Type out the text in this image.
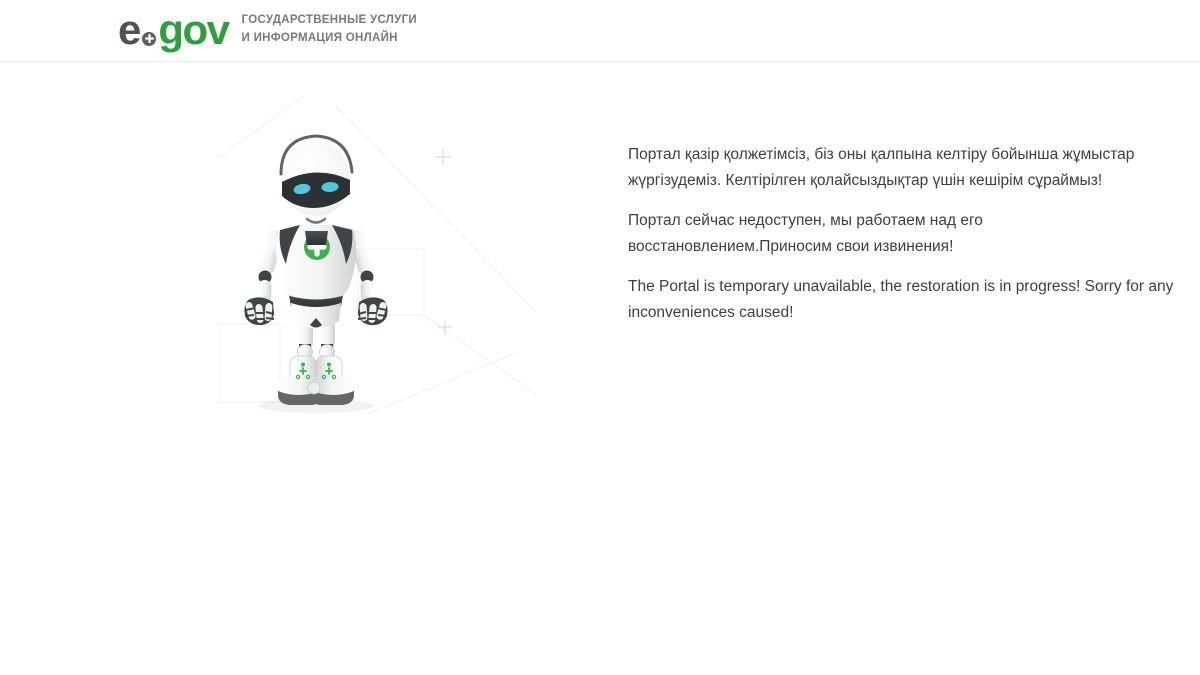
e gov ГОСУДАРСТВЕННЫЕ УСЛУГИ
И ИНФОРМАЦИЯ ОНЛАЙН

Портал қазір қолжетімсіз, біз оны қалпына келтіру бойынша жұмыстар
жүргізудеміз. Келтірілген қолайсыздықтар үшін кешірім сұраймыз!

Портал сейчас недоступен, мы работаем над его
восстановлением.Приносим свои извинения!

The Portal is temporary unavailable, the restoration is in progress! Sorry for any
inconveniences caused!
